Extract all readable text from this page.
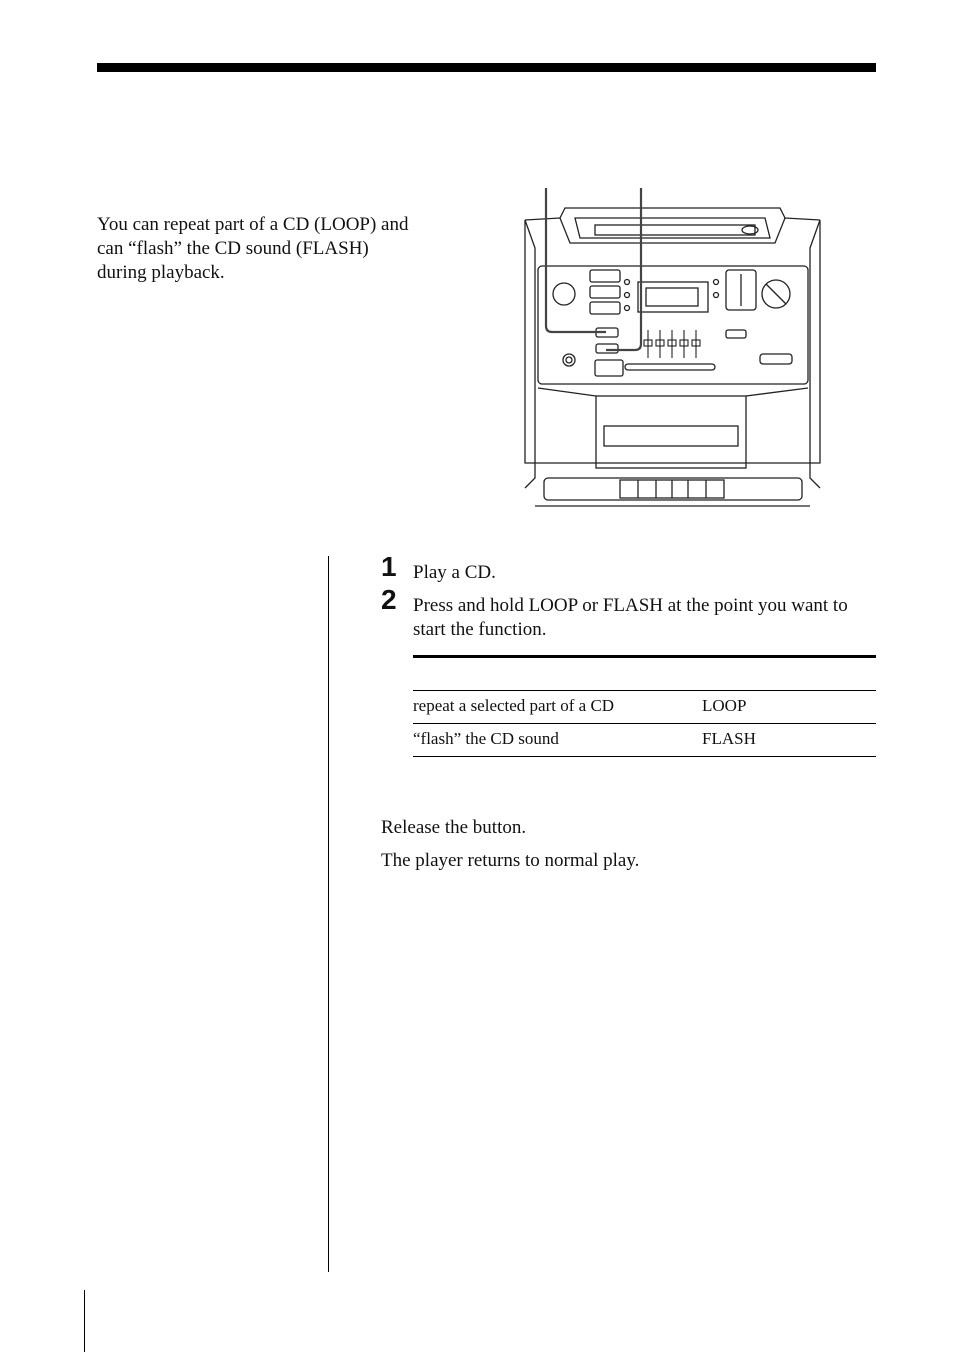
You can repeat part of a CD (LOOP) and
can “flash” the CD sound (FLASH)
during playback.
1 Play a CD.
2 Press and hold LOOP or FLASH at the point you want to start the function.
repeat a selected part of a CD	LOOP
“flash” the CD sound	FLASH
Release the button.
The player returns to normal play.
